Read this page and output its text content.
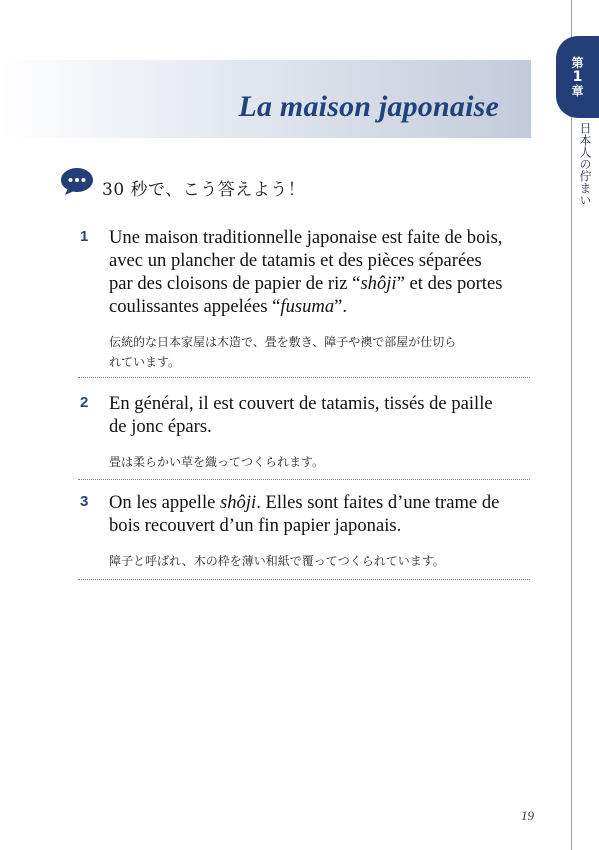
第
1
章
日本人の佇まい
La maison japonaise
30 秒で、こう答えよう！
1 Une maison traditionnelle japonaise est faite de bois,
avec un plancher de tatamis et des pièces séparées
par des cloisons de papier de riz “shôji” et des portes
coulissantes appelées “fusuma”.
伝統的な日本家屋は木造で、畳を敷き、障子や襖で部屋が仕切ら
れています。
2 En général, il est couvert de tatamis, tissés de paille
de jonc épars.
畳は柔らかい草を織ってつくられます。
3 On les appelle shôji. Elles sont faites d’une trame de
bois recouvert d’un fin papier japonais.
障子と呼ばれ、木の枠を薄い和紙で覆ってつくられています。
19
